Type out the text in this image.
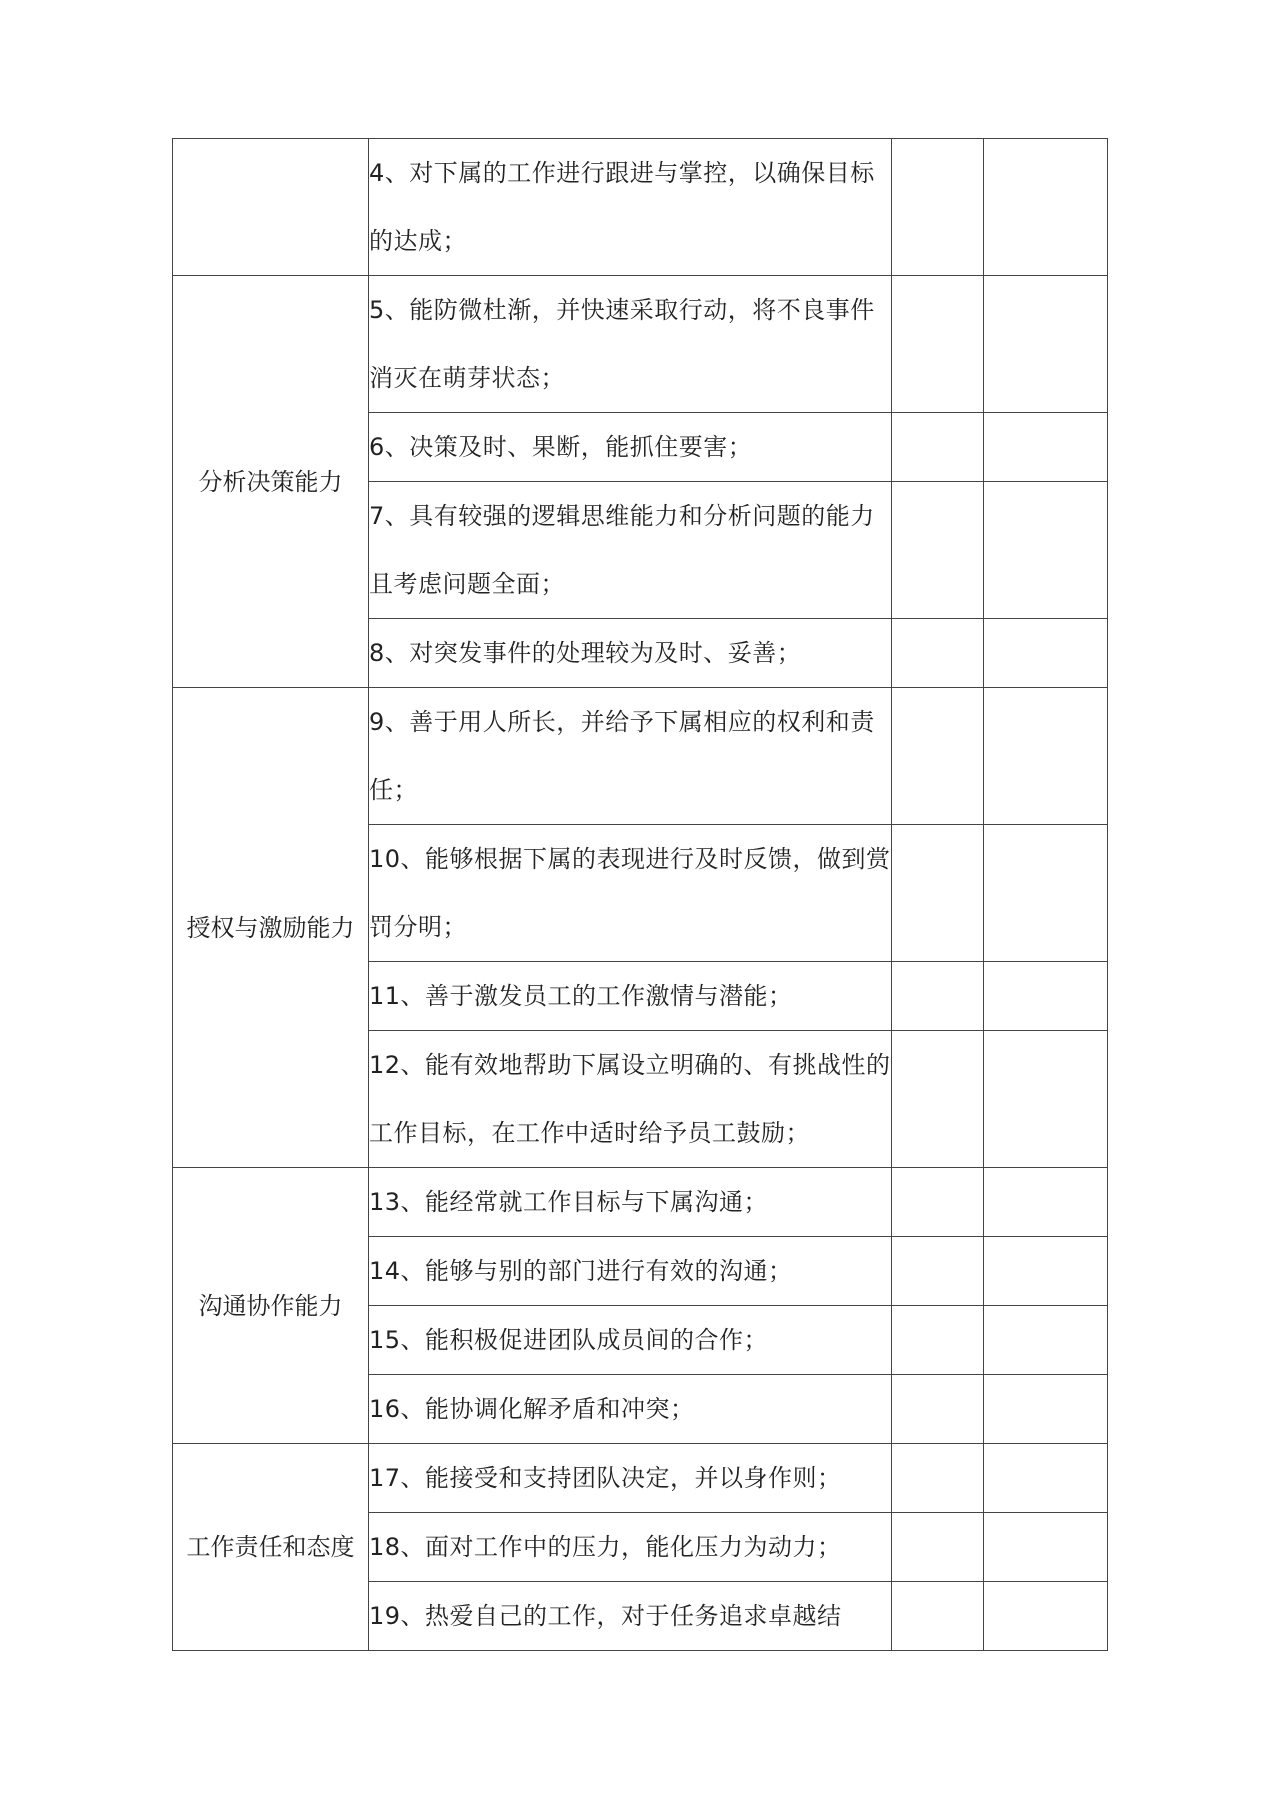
	4、对下属的工作进行跟进与掌控，以确保目标的达成；		
分析决策能力	5、能防微杜渐，并快速采取行动，将不良事件消灭在萌芽状态；		
	6、决策及时、果断，能抓住要害；		
	7、具有较强的逻辑思维能力和分析问题的能力且考虑问题全面；		
	8、对突发事件的处理较为及时、妥善；		
授权与激励能力	9、善于用人所长，并给予下属相应的权利和责任；		
	10、能够根据下属的表现进行及时反馈，做到赏罚分明；		
	11、善于激发员工的工作激情与潜能；		
	12、能有效地帮助下属设立明确的、有挑战性的工作目标，在工作中适时给予员工鼓励；		
沟通协作能力	13、能经常就工作目标与下属沟通；		
	14、能够与别的部门进行有效的沟通；		
	15、能积极促进团队成员间的合作；		
	16、能协调化解矛盾和冲突；		
工作责任和态度	17、能接受和支持团队决定，并以身作则；		
	18、面对工作中的压力，能化压力为动力；		

	19、热爱自己的工作，对于任务追求卓越结		
